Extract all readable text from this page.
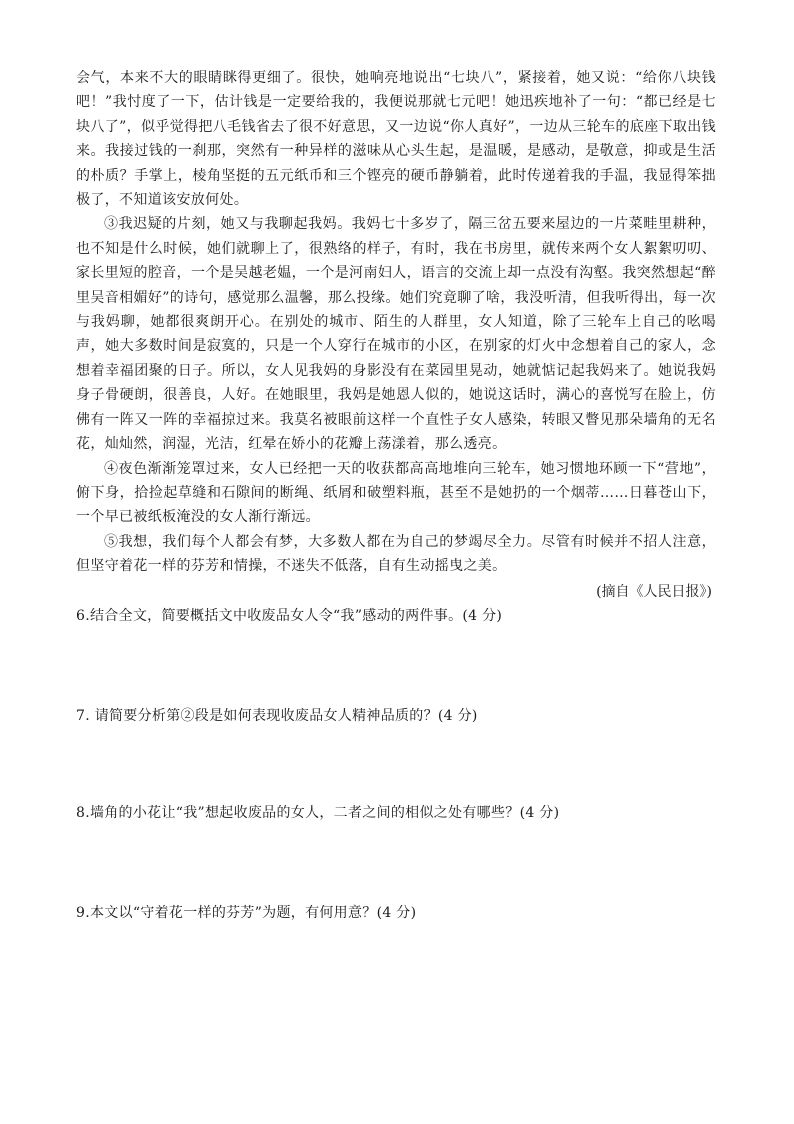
会气，本来不大的眼睛眯得更细了。很快，她响亮地说出“七块八”，紧接着，她又说：“给你八块钱吧！”我忖度了一下，估计钱是一定要给我的，我便说那就七元吧！她迅疾地补了一句：“都已经是七块八了”，似乎觉得把八毛钱省去了很不好意思，又一边说“你人真好”，一边从三轮车的底座下取出钱来。我接过钱的一刹那，突然有一种异样的滋味从心头生起，是温暖，是感动，是敬意，抑或是生活的朴质？手掌上，棱角坚挺的五元纸币和三个铿亮的硬币静躺着，此时传递着我的手温，我显得笨拙极了，不知道该安放何处。

③我迟疑的片刻，她又与我聊起我妈。我妈七十多岁了，隔三岔五要来屋边的一片菜畦里耕种，也不知是什么时候，她们就聊上了，很熟络的样子，有时，我在书房里，就传来两个女人絮絮叨叨、家长里短的腔音，一个是吴越老媪，一个是河南妇人，语言的交流上却一点没有沟壑。我突然想起“醉里吴音相媚好”的诗句，感觉那么温馨，那么投缘。她们究竟聊了啥，我没听清，但我听得出，每一次与我妈聊，她都很爽朗开心。在别处的城市、陌生的人群里，女人知道，除了三轮车上自己的吆喝声，她大多数时间是寂寞的，只是一个人穿行在城市的小区，在别家的灯火中念想着自己的家人，念想着幸福团聚的日子。所以，女人见我妈的身影没有在菜园里晃动，她就惦记起我妈来了。她说我妈身子骨硬朗，很善良，人好。在她眼里，我妈是她恩人似的，她说这话时，满心的喜悦写在脸上，仿佛有一阵又一阵的幸福掠过来。我莫名被眼前这样一个直性子女人感染，转眼又瞥见那朵墙角的无名花，灿灿然，润湿，光洁，红晕在娇小的花瓣上荡漾着，那么透亮。

④夜色渐渐笼罩过来，女人已经把一天的收获都高高地堆向三轮车，她习惯地环顾一下“营地”，俯下身，拾捡起草缝和石隙间的断绳、纸屑和破塑料瓶，甚至不是她扔的一个烟蒂……日暮苍山下，一个早已被纸板淹没的女人渐行渐远。

⑤我想，我们每个人都会有梦，大多数人都在为自己的梦竭尽全力。尽管有时候并不招人注意，但坚守着花一样的芬芳和情操，不迷失不低落，自有生动摇曳之美。

(摘自《人民日报》)

6.结合全文，简要概括文中收废品女人令“我”感动的两件事。(4 分)

7. 请简要分析第②段是如何表现收废品女人精神品质的？(4 分)

8.墙角的小花让“我”想起收废品的女人，二者之间的相似之处有哪些？(4 分)

9.本文以“守着花一样的芬芳”为题，有何用意？(4 分)
